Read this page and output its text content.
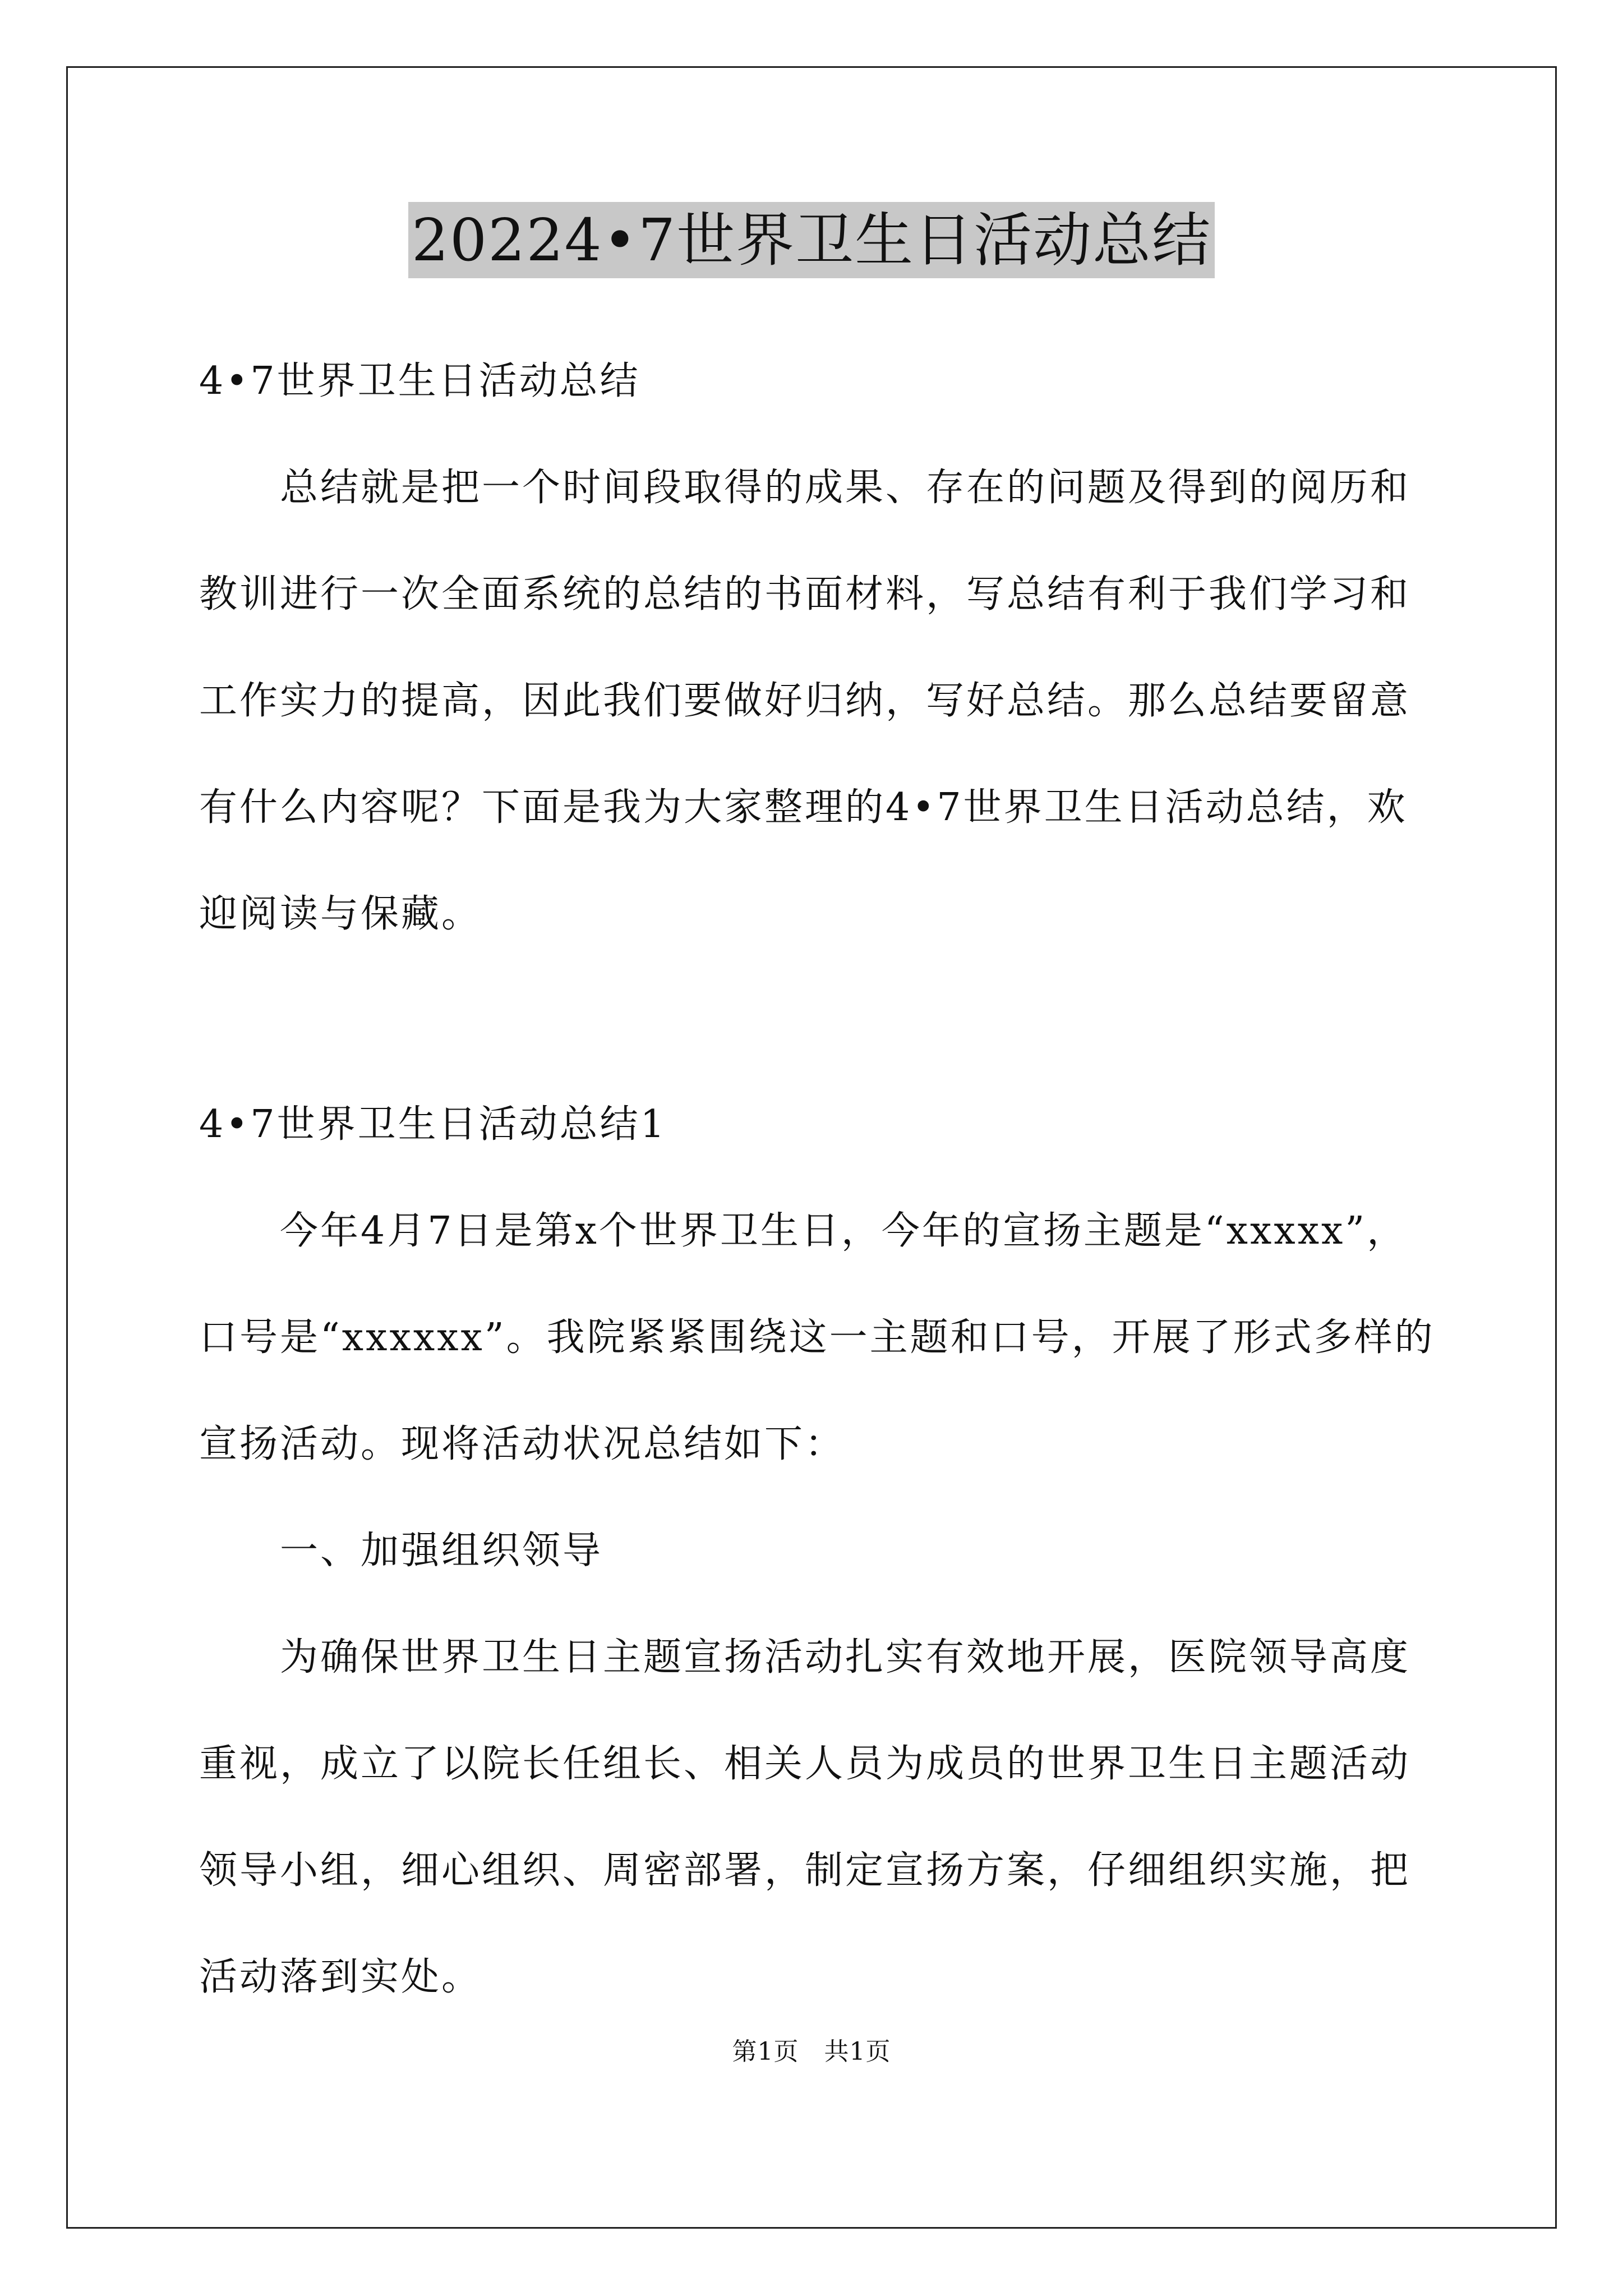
20224•7世界卫生日活动总结
4•7世界卫生日活动总结
　　总结就是把一个时间段取得的成果、存在的问题及得到的阅历和
教训进行一次全面系统的总结的书面材料，写总结有利于我们学习和
工作实力的提高，因此我们要做好归纳，写好总结。那么总结要留意
有什么内容呢？下面是我为大家整理的4•7世界卫生日活动总结，欢
迎阅读与保藏。
4•7世界卫生日活动总结1
　　今年4月7日是第x个世界卫生日，今年的宣扬主题是“xxxxx”，
口号是“xxxxxx”。我院紧紧围绕这一主题和口号，开展了形式多样的
宣扬活动。现将活动状况总结如下：
　　一、加强组织领导
　　为确保世界卫生日主题宣扬活动扎实有效地开展，医院领导高度
重视，成立了以院长任组长、相关人员为成员的世界卫生日主题活动
领导小组，细心组织、周密部署，制定宣扬方案，仔细组织实施，把
活动落到实处。
第1页　共1页
